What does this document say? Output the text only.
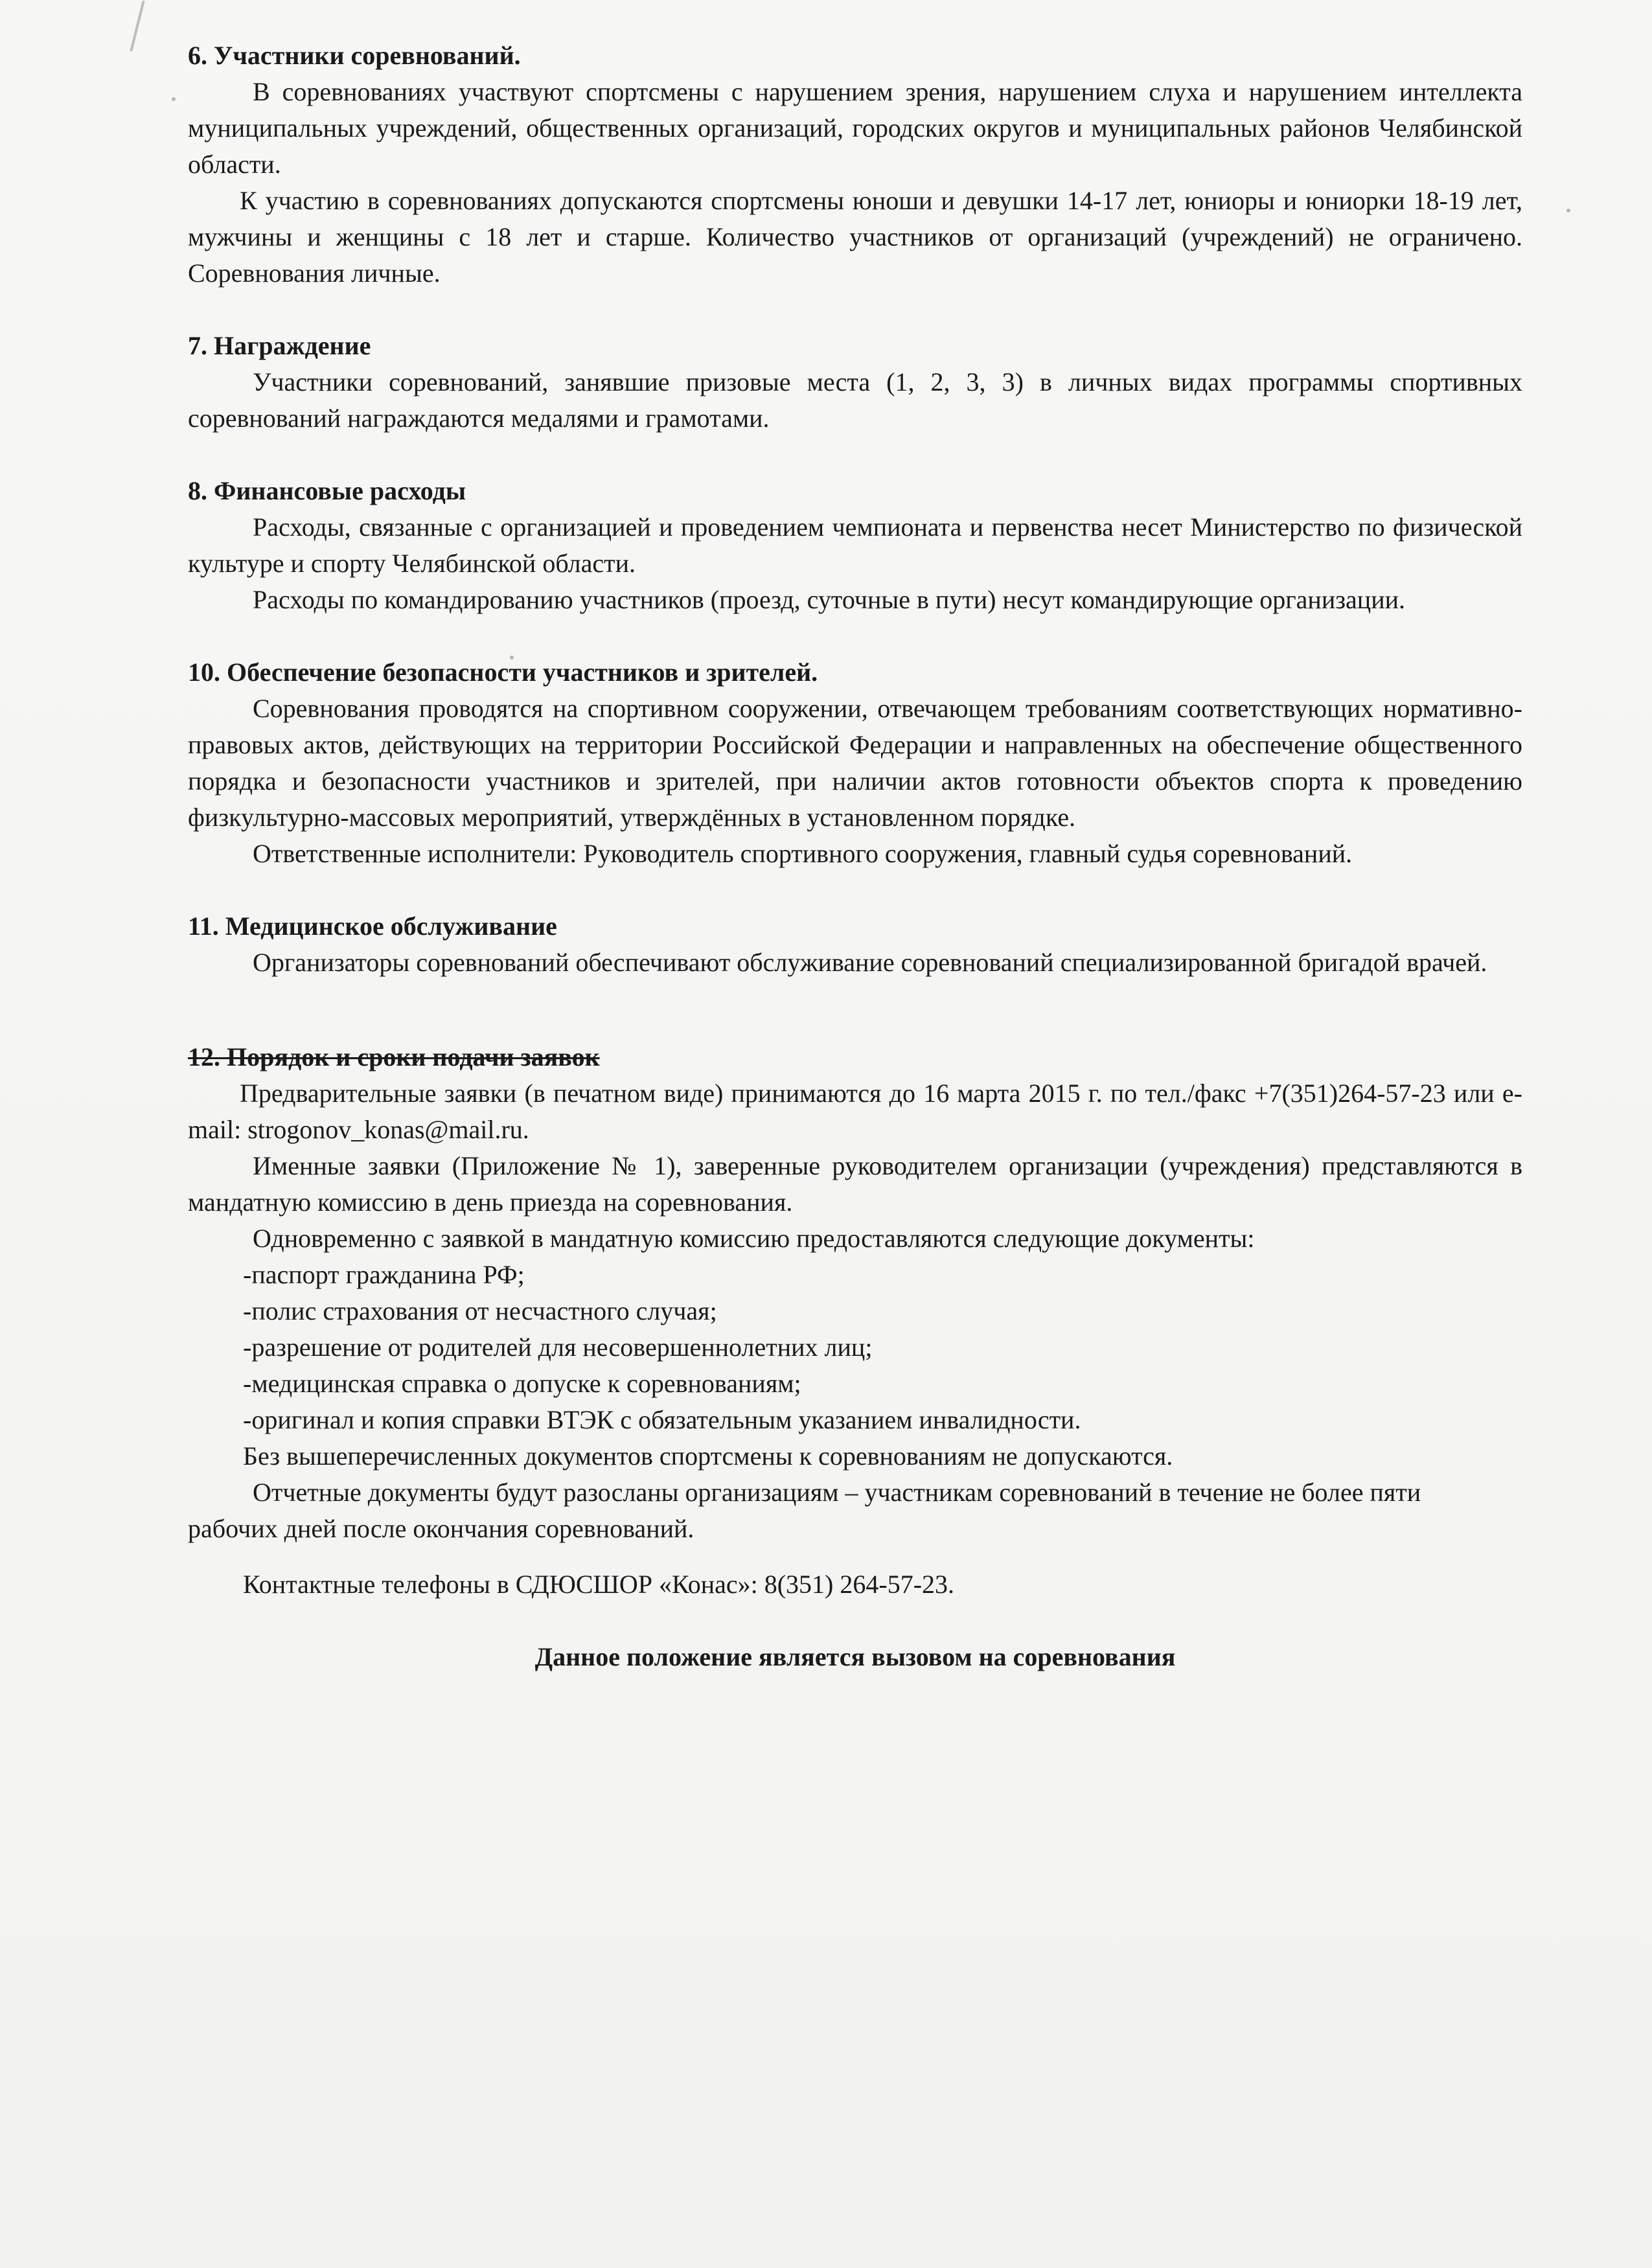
6. Участники соревнований.

В соревнованиях участвуют спортсмены с нарушением зрения, нарушением слуха и нарушением интеллекта муниципальных учреждений, общественных организаций, городских округов и муниципальных районов Челябинской области.

К участию в соревнованиях допускаются спортсмены юноши и девушки 14-17 лет, юниоры и юниорки 18-19 лет, мужчины и женщины с 18 лет и старше. Количество участников от организаций (учреждений) не ограничено. Соревнования личные.

7. Награждение

Участники соревнований, занявшие призовые места (1, 2, 3, 3) в личных видах программы спортивных соревнований награждаются медалями и грамотами.

8. Финансовые расходы

Расходы, связанные с организацией и проведением чемпионата и первенства несет Министерство по физической культуре и спорту Челябинской области.

Расходы по командированию участников (проезд, суточные в пути) несут командирующие организации.

10. Обеспечение безопасности участников и зрителей.

Соревнования проводятся на спортивном сооружении, отвечающем требованиям соответствующих нормативно-правовых актов, действующих на территории Российской Федерации и направленных на обеспечение общественного порядка и безопасности участников и зрителей, при наличии актов готовности объектов спорта к проведению физкультурно-массовых мероприятий, утверждённых в установленном порядке.

Ответственные исполнители: Руководитель спортивного сооружения, главный судья соревнований.

11. Медицинское обслуживание

Организаторы соревнований обеспечивают обслуживание соревнований специализированной бригадой врачей.

12. Порядок и сроки подачи заявок

Предварительные заявки (в печатном виде) принимаются до 16 марта 2015 г. по тел./факс +7(351)264-57-23 или e-mail: strogonov_konas@mail.ru.

Именные заявки (Приложение № 1), заверенные руководителем организации (учреждения) представляются в мандатную комиссию в день приезда на соревнования.

Одновременно с заявкой в мандатную комиссию предоставляются следующие документы:

-паспорт гражданина РФ;
-полис страхования от несчастного случая;
-разрешение от родителей для несовершеннолетних лиц;
-медицинская справка о допуске к соревнованиям;
-оригинал и копия справки ВТЭК с обязательным указанием инвалидности.

Без вышеперечисленных документов спортсмены к соревнованиям не допускаются.

Отчетные документы будут разосланы организациям – участникам соревнований в течение не более пяти рабочих дней после окончания соревнований.

Контактные телефоны в СДЮСШОР «Конас»: 8(351) 264-57-23.

Данное положение является вызовом на соревнования
